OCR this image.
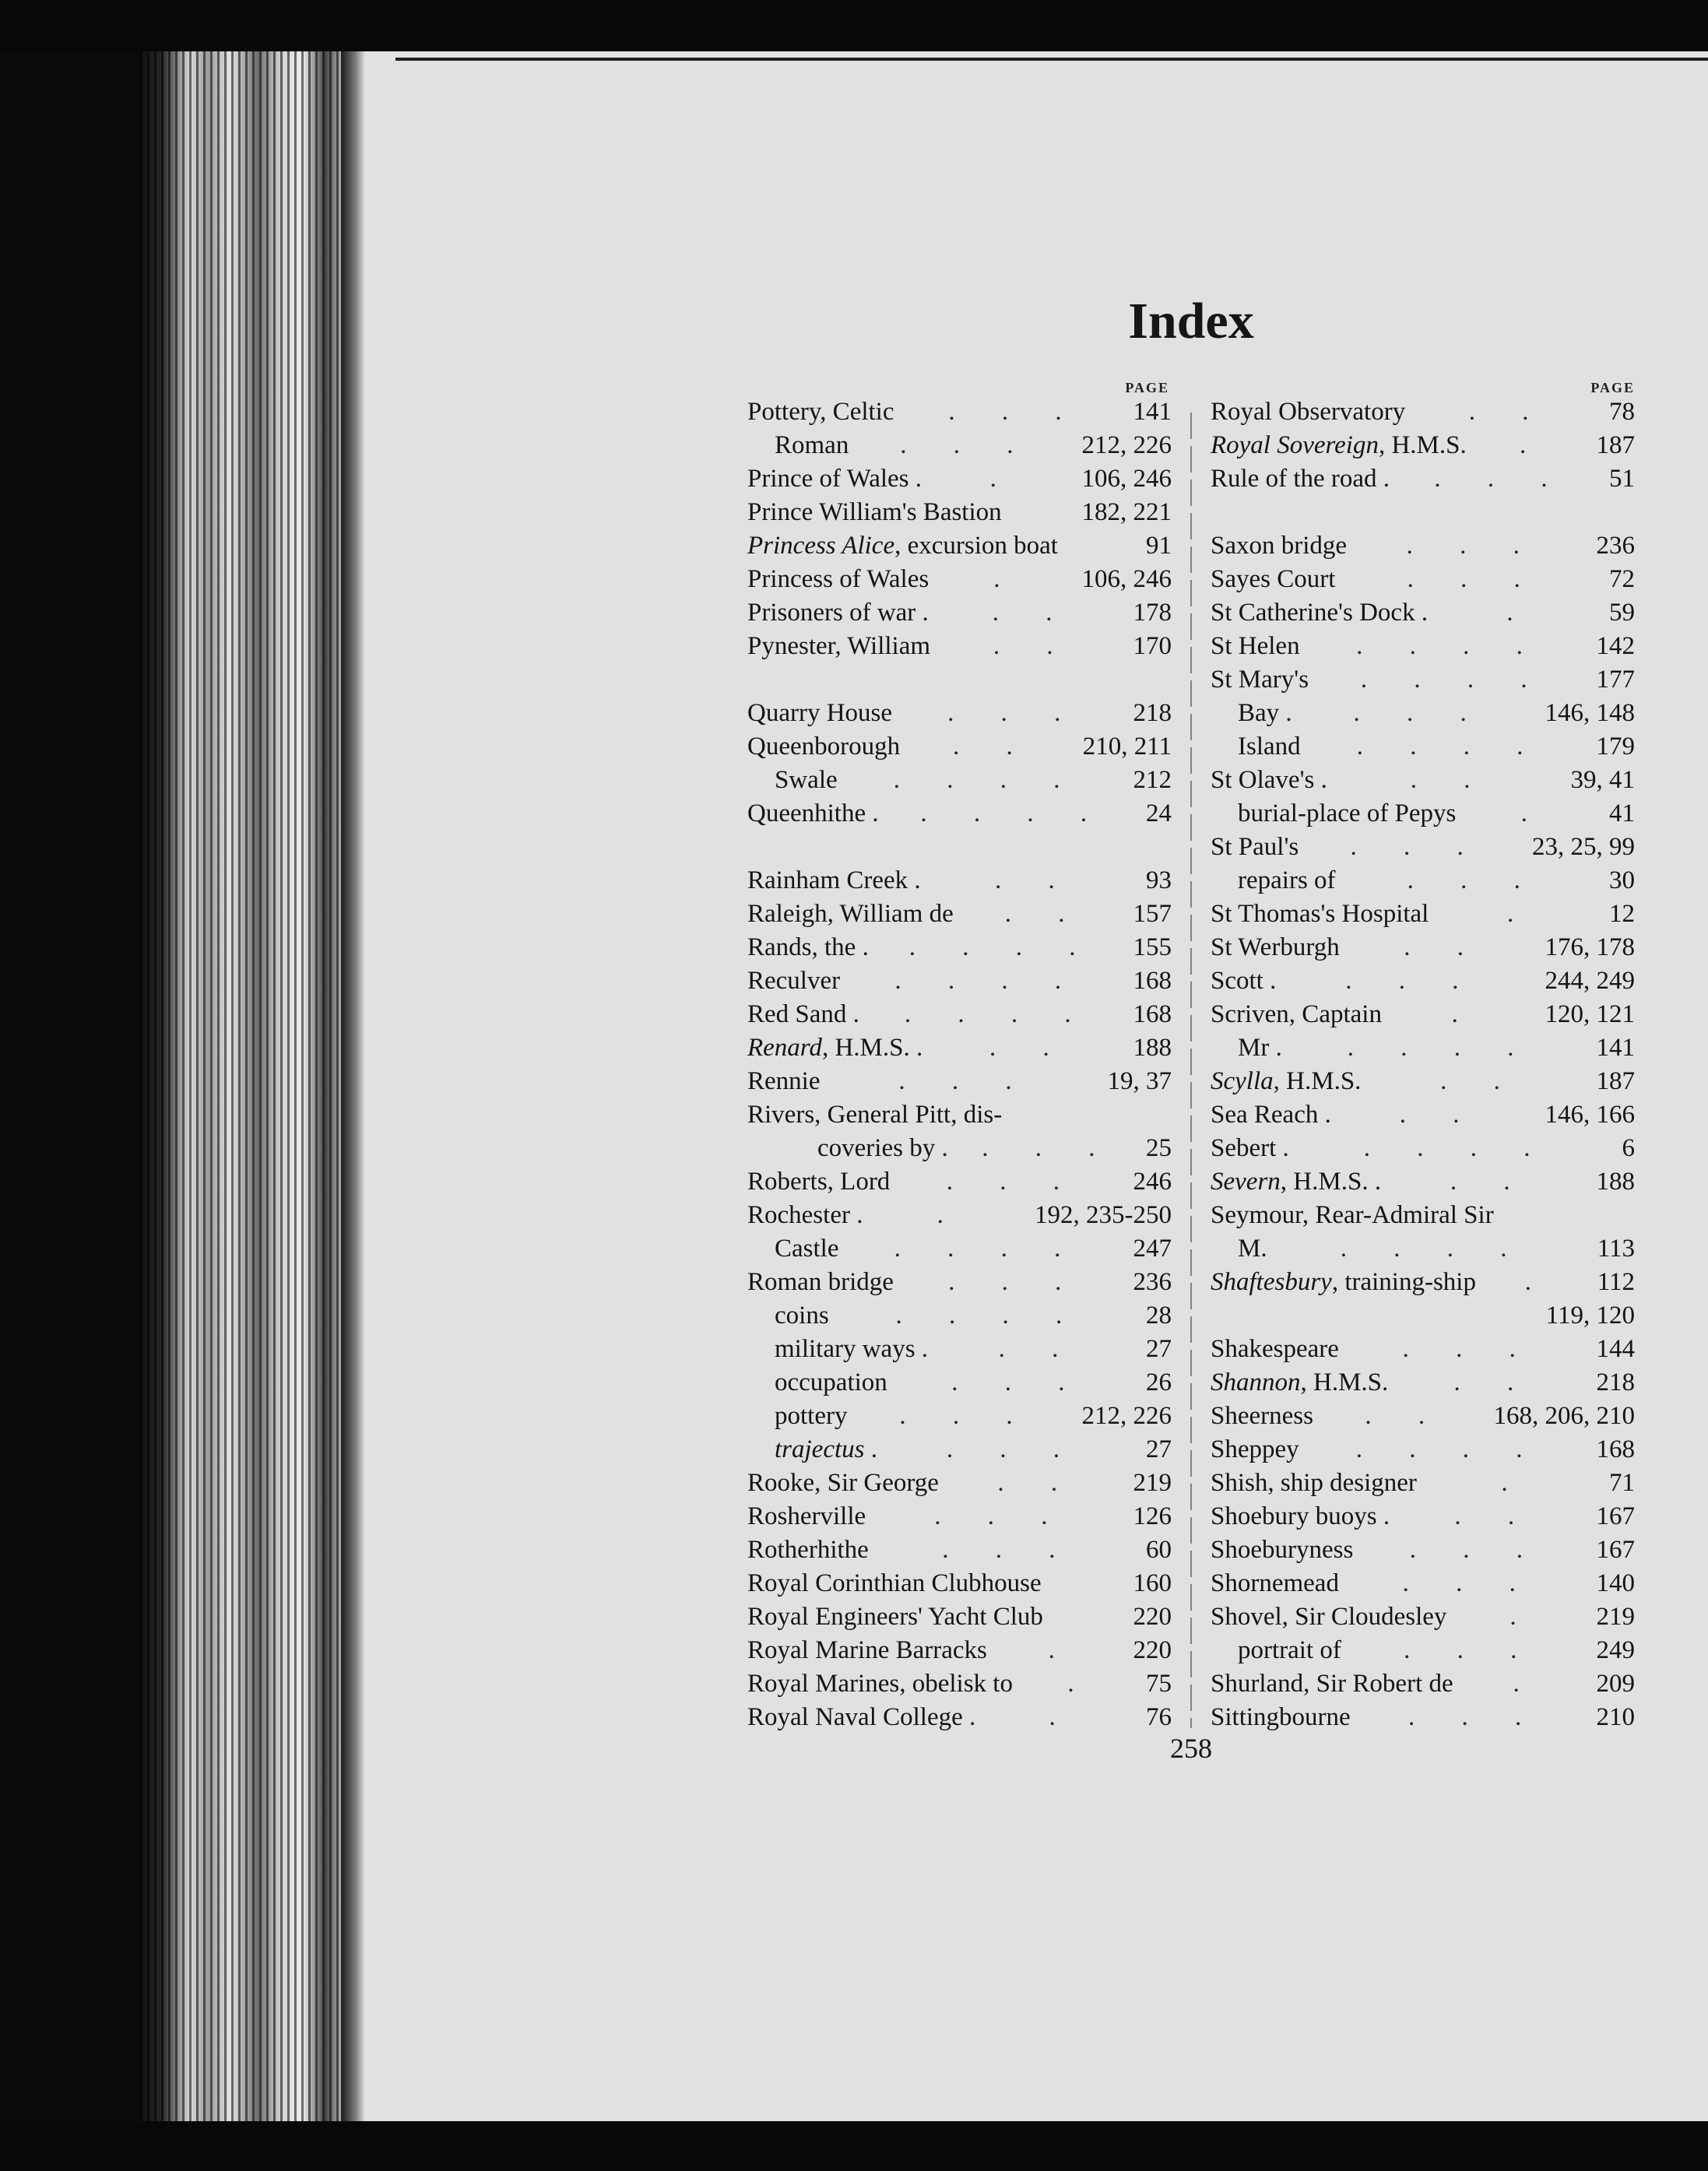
Index
PAGE	PAGE
Pottery, Celtic	. . .	141
Roman	. . .	212, 226
Prince of Wales .	.	106, 246
Prince William's Bastion	182, 221
Princess Alice, excursion boat	91
Princess of Wales	.	106, 246
Prisoners of war .	. .	178
Pynester, William	. .	170
Quarry House	. . .	218
Queenborough	. .	210, 211
Swale	. . . .	212
Queenhithe .	. . . .	24
Rainham Creek .	. .	93
Raleigh, William de	. .	157
Rands, the .	. . . .	155
Reculver	. . . .	168
Red Sand .	. . . .	168
Renard, H.M.S. .	. .	188
Rennie	. . .	19, 37
Rivers, General Pitt, dis-
coveries by .	. . .	25
Roberts, Lord	. . .	246
Rochester .	.	192, 235-250
Castle	. . . .	247
Roman bridge	. . .	236
coins	. . . .	28
military ways .	. .	27
occupation	. . .	26
pottery	. . .	212, 226
trajectus .	. . .	27
Rooke, Sir George	. .	219
Rosherville	. . .	126
Rotherhithe	. . .	60
Royal Corinthian Clubhouse	160
Royal Engineers' Yacht Club	220
Royal Marine Barracks	.	220
Royal Marines, obelisk to	.	75
Royal Naval College .	.	76
Royal Observatory	. .	78
Royal Sovereign, H.M.S.	.	187
Rule of the road .	. . .	51
Saxon bridge	. . .	236
Sayes Court	. . .	72
St Catherine's Dock .	.	59
St Helen	. . . .	142
St Mary's	. . . .	177
Bay .	. . .	146, 148
Island	. . . .	179
St Olave's .	. .	39, 41
burial-place of Pepys	.	41
St Paul's	. . .	23, 25, 99
repairs of	. . .	30
St Thomas's Hospital	.	12
St Werburgh	. .	176, 178
Scott .	. . .	244, 249
Scriven, Captain	.	120, 121
Mr .	. . . .	141
Scylla, H.M.S.	. .	187
Sea Reach .	. .	146, 166
Sebert .	. . . .	6
Severn, H.M.S. .	. .	188
Seymour, Rear-Admiral Sir
M.	. . . .	113
Shaftesbury, training-ship	.	112
119, 120
Shakespeare	. . .	144
Shannon, H.M.S.	. .	218
Sheerness	. .	168, 206, 210
Sheppey	. . . .	168
Shish, ship designer	.	71
Shoebury buoys .	. .	167
Shoeburyness	. . .	167
Shornemead	. . .	140
Shovel, Sir Cloudesley	.	219
portrait of	. . .	249
Shurland, Sir Robert de	.	209
Sittingbourne	. . .	210
258
